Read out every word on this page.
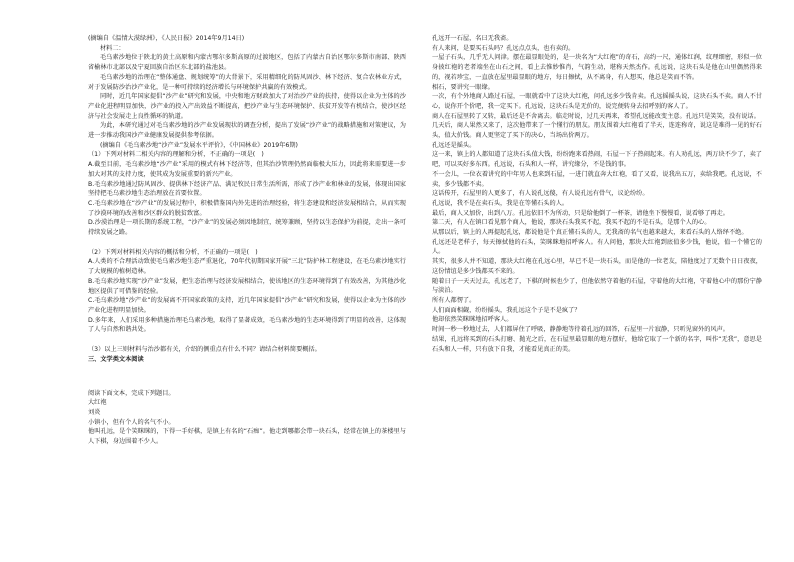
(摘编自《温情大漠绿洲》，《人民日报》2014年9月14日)

材料二：

毛乌素沙地位于陕北的黄土高原和内蒙古鄂尔多斯高原的过渡地区，包括了内蒙古自治区鄂尔多斯市南部、陕西省榆林市北部以及宁夏回族自治区东北部的盐池县。

毛乌素沙地的治理在“整体通盘、规划统筹”的大背景下，采用精细化的防风固沙、林下经济、复合农林业方式，对于发展防沙治沙产业化，是一种可持续的经济增长与环境保护共赢的有效模式。

同时，近几年国家提倡“沙产业”研究和发展，中央和地方财政加大了对治沙产业的扶持，使得以企业为主体的沙产业化进程明显加快，沙产业的投入产出效益不断提高，把沙产业与生态环境保护、扶贫开发等有机结合，使沙区经济与社会发展走上良性循环的轨道。

为此，本研究通过对毛乌素沙地的沙产业发展现状的调查分析，提出了发展“沙产业”的战略措施和对策建议，为进一步推动我国沙产业健康发展提供参考依据。

(摘编自《毛乌素沙地“沙产业”发展水平评价》，《中国林业》2019年6期)

（1）下列对材料二相关内容的理解和分析，不正确的一项是(　)

A.截至目前，毛乌素沙地“沙产业”采用的模式有林下经济等，但其治沙管理仍然面临极大压力，因此将来需要进一步加大对其的支持力度，使其成为发展重要的新兴产业。

B.毛乌素沙地通过防风固沙、提供林下经济产品、满足牧民日常生活所需，形成了沙产业和林业的发展，体现出国家坚持把毛乌素沙地生态治理放在首要位置。

C.毛乌素沙地在“沙产业”的发展过程中，积极借鉴国内外先进的治理经验，将生态建设和经济发展相结合，从而实现了沙漠环境的改善和沙区群众的脱贫致富。

D.沙漠治理是一项长期的系统工程，“沙产业”的发展必须因地制宜，统筹兼顾，坚持以生态保护为前提，走出一条可持续发展之路。

（2）下列对材料相关内容的概括和分析，不正确的一项是(　)

A.人类的不合理活动致使毛乌素沙地生态严重退化，70年代初期国家开展“三北”防护林工程建设，在毛乌素沙地实行了大规模的植树造林。

B.毛乌素沙地实现“沙产业”发展，把生态治理与经济发展相结合，使该地区的生态环境得到了有效改善，为其他沙化地区提供了可借鉴的经验。

C.毛乌素沙地“沙产业”的发展离不开国家政策的支持，近几年国家提倡“沙产业”研究和发展，使得以企业为主体的沙产业化进程明显加快。

D.多年来，人们采用多种措施治理毛乌素沙地，取得了显著成效，毛乌素沙地的生态环境得到了明显的改善，这体现了人与自然和谐共处。

（3）以上三则材料与治沙都有关，介绍的侧重点有什么不同？请结合材料简要概括。

三、文学类文本阅读

阅读下面文本，完成下列题目。

大红袍

刘炎

小镇小，但有个人的名气不小。

他叫孔远，是个笑眯眯的，下得一手好棋，是镇上有名的“石痴”。他走到哪都会带一块石头，经常在镇上的茶楼里与人下棋，身边围着不少人。

孔远开一石屋，名曰无我斋。

有人来问，是要买石头吗？孔远点点头，也有卖的。

一屋子石头，几乎无人问津。摆在最显眼处的，是一块名为“大红袍”的奇石，高约一尺，通体红润，纹理细密，形似一位身披红袍的老者端坐在山石之间，看上去惟妙惟肖，气韵生动，堪称天然杰作。孔远说，这块石头是他在山里偶然得来的，视若珍宝，一直放在屋里最显眼的地方，每日擦拭，从不离身，有人想买，他总是笑而不答。

相石，要讲究一眼缘。

一次，有个外地商人路过石屋，一眼就看中了这块大红袍，问孔远多少钱肯卖。孔远摇摇头说，这块石头不卖。商人不甘心，说你开个价吧，我一定买下。孔远说，这块石头是无价的，说完便转身去招呼别的客人了。

商人在石屋里转了又转，最后还是不舍离去。临走时说，过几天再来，希望孔远能改变主意。孔远只是笑笑，没有说话。

几天后，商人果然又来了，这次他带来了一个懂行的朋友。朋友围着大红袍看了半天，连连称奇，说这是难得一见的好石头，值大价钱。商人更坚定了买下的决心，当场出价两万。

孔远还是摇头。

这一来，镇上的人都知道了这块石头值大钱，纷纷跑来看热闹，石屋一下子热闹起来。有人劝孔远，两万块不少了，卖了吧，可以买好多东西。孔远说，石头和人一样，讲究缘分，不是钱的事。

不一会儿，一位衣着讲究的中年男人也来到石屋，一进门就直奔大红袍，看了又看，说我出五万，卖给我吧。孔远说，不卖，多少钱都不卖。

这话传开，石屋里的人更多了，有人说孔远傻，有人说孔远有骨气，议论纷纷。

孔远说，我不是在卖石头，我是在等懂石头的人。

最后，商人又加价，出到八万。孔远依旧不为所动，只是给他倒了一杯茶，请他坐下慢慢看，说看够了再走。

第二天，有人在镇口看见那个商人，他说，那块石头我买不起，我买不起的不是石头，是那个人的心。

从那以后，镇上的人再提起孔远，都说他是个真正懂石头的人，无我斋的名气也越来越大，来看石头的人络绎不绝。

孔远还是老样子，每天擦拭他的石头，笑眯眯地招呼客人。有人问他，那块大红袍到底值多少钱，他说，值一个懂它的人。

其实，很多人并不知道，那块大红袍在孔远心里，早已不是一块石头，而是他的一位老友，陪他度过了无数个日日夜夜，这份情谊是多少钱都买不来的。

随着日子一天天过去，孔远老了，下棋的时候也少了，但他依然守着他的石屋，守着他的大红袍，守着他心中的那份宁静与淡泊。

所有人都愣了。

人们面面相觑，纷纷摇头，我孔远这个子是不是疯了？

他却依然笑眯眯地招呼客人。

时间一秒一秒地过去，人们都屏住了呼吸，静静地等待着孔远的回答，石屋里一片寂静，只听见窗外的风声。

结果，孔远将买到的石头打磨、抛光之后，在石屋里最显眼的地方摆好，他给它取了一个新的名字，叫作“无我”，意思是石头和人一样，只有放下自我，才能看见真正的美。
